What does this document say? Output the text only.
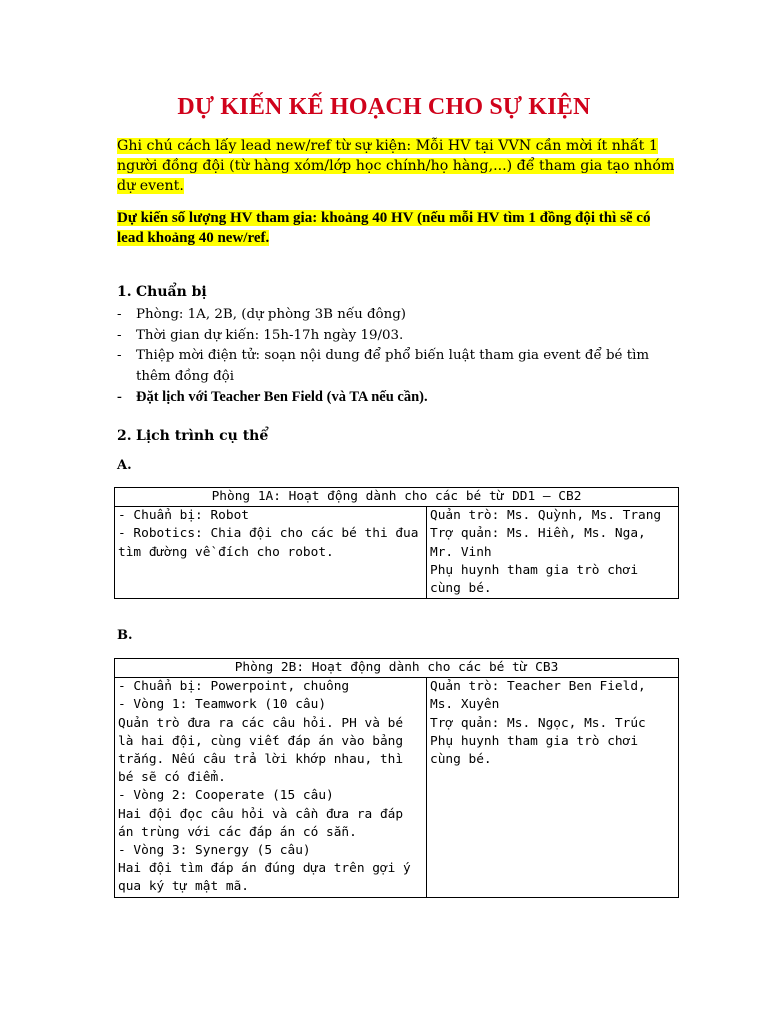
DỰ KIẾN KẾ HOẠCH CHO SỰ KIỆN
Ghi chú cách lấy lead new/ref từ sự kiện: Mỗi HV tại VVN cần mời ít nhất 1 người đồng đội (từ hàng xóm/lớp học chính/họ hàng,...) để tham gia tạo nhóm dự event.
Dự kiến số lượng HV tham gia: khoảng 40 HV (nếu mỗi HV tìm 1 đồng đội thì sẽ có lead khoảng 40 new/ref.
1. Chuẩn bị
- Phòng: 1A, 2B, (dự phòng 3B nếu đông)
- Thời gian dự kiến: 15h-17h ngày 19/03.
- Thiệp mời điện tử: soạn nội dung để phổ biến luật tham gia event để bé tìm thêm đồng đội
- Đặt lịch với Teacher Ben Field (và TA nếu cần).
2. Lịch trình cụ thể
A.
Phòng 1A: Hoạt động dành cho các bé từ DD1 – CB2

- Chuẩn bị: Robot
- Robotics: Chia đội cho các bé thi đua tìm đường về đích cho robot.

Quản trò: Ms. Quỳnh, Ms. Trang
Trợ quản: Ms. Hiền, Ms. Nga, Mr. Vinh
Phụ huynh tham gia trò chơi cùng bé.
B.
Phòng 2B: Hoạt động dành cho các bé từ CB3

- Chuẩn bị: Powerpoint, chuông
- Vòng 1: Teamwork (10 câu)
Quản trò đưa ra các câu hỏi. PH và bé là hai đội, cùng viết đáp án vào bảng trắng. Nếu câu trả lời khớp nhau, thì bé sẽ có điểm.
- Vòng 2: Cooperate (15 câu)
Hai đội đọc câu hỏi và cần đưa ra đáp án trùng với các đáp án có sẵn.
- Vòng 3: Synergy (5 câu)
Hai đội tìm đáp án đúng dựa trên gợi ý qua ký tự mật mã.

Quản trò: Teacher Ben Field, Ms. Xuyên
Trợ quản: Ms. Ngọc, Ms. Trúc
Phụ huynh tham gia trò chơi cùng bé.
